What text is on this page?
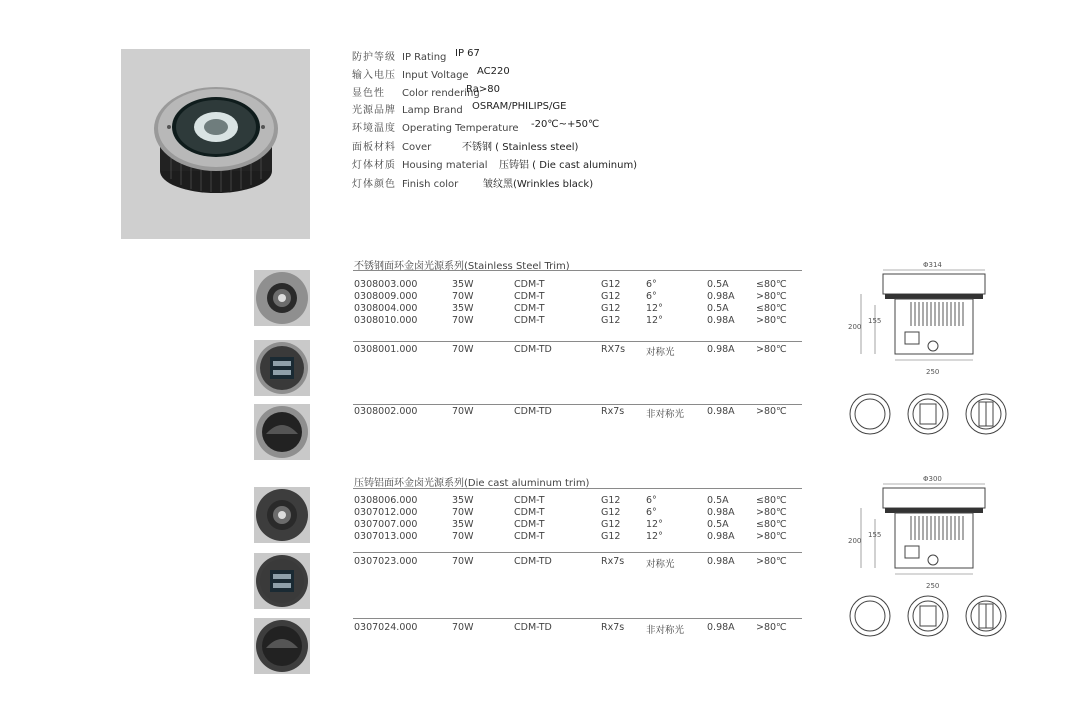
防护等级 IP Rating IP 67
输入电压 Input Voltage AC220
显色性 Color rendering
Ra>80
光源品牌 Lamp Brand OSRAM/PHILIPS/GE
环境温度 Operating Temperature -20℃~+50℃
面板材料 Cover	不锈钢 ( Stainless steel)
灯体材质 Housing material 压铸铝 ( Die cast aluminum)
灯体颜色 Finish color 皱纹黑(Wrinkles black)
不锈钢面环金卤光源系列(Stainless Steel Trim)
0308003.000	35W	CDM-T	G12	6°	0.5A	≤80℃
0308009.000	70W	CDM-T	G12	6°	0.98A >80℃
0308004.000	35W	CDM-T	G12	12°	0.5A	≤80℃
0308010.000	70W	CDM-T	G12	12°	0.98A >80℃
0308001.000	70W	CDM-TD	RX7s 对称光	0.98A >80℃
0308002.000	70W	CDM-TD	Rx7s 非对称光 0.98A >80℃
Φ314
200
155
250
压铸铝面环金卤光源系列(Die cast aluminum trim)
0308006.000	35W	CDM-T	G12	6°	0.5A	≤80℃
0307012.000	70W	CDM-T	G12	6°	0.98A >80℃
0307007.000	35W	CDM-T	G12	12°	0.5A	≤80℃
0307013.000	70W	CDM-T	G12	12°	0.98A >80℃
0307023.000	70W	CDM-TD	Rx7s 对称光	0.98A >80℃
0307024.000	70W	CDM-TD	Rx7s 非对称光 0.98A >80℃
Φ300
200
155
250
